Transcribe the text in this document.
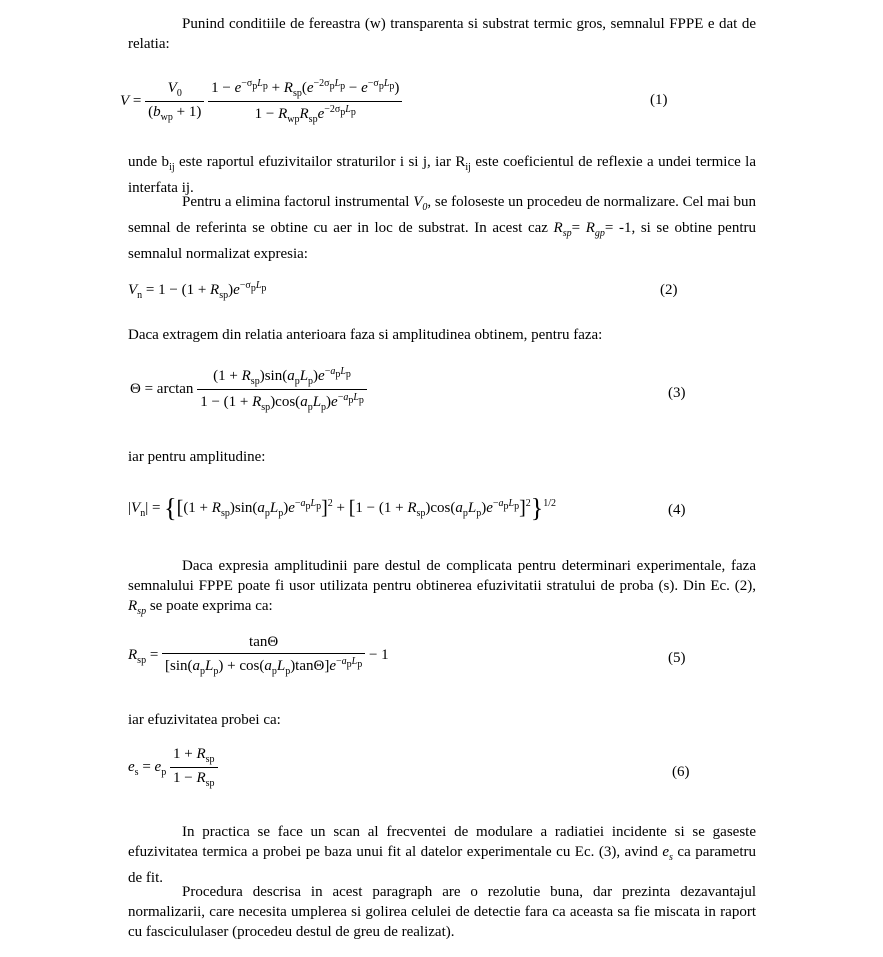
Punind conditiile de fereastra (w) transparenta si substrat termic gros, semnalul FPPE e dat de relatia:
$V = \frac{V_0}{(b_{wp} + 1)}$
$\frac{1 - e^{-\sigma_pL_p} + R_{sp}(e^{-2\sigma_pL_p} - e^{-\sigma_pL_p})}{1 - R_{wp}R_{sp}e^{-2\sigma_pL_p}}$	(1)
unde $b_{ij}$ este raportul efuzivitailor straturilor i si j, iar $R_{ij}$ este coeficientul de reflexie a undei termice la interfata ij.
Pentru a elimina factorul instrumental $V_0$, se foloseste un procedeu de normalizare. Cel mai bun semnal de referinta se obtine cu aer in loc de substrat. In acest caz $R_{sp}= R_{gp}= -1$, si se obtine pentru semnalul normalizat expresia:
$V_n = 1 - (1 + R_{sp})e^{-\sigma_pL_p}$	(2)
Daca extragem din relatia anterioara faza si amplitudinea obtinem, pentru faza:
$\Theta = \arctan \frac{(1 + R_{sp})\sin(a_pL_p)e^{-a_pL_p}}{1 - (1 + R_{sp})\cos(a_pL_p)e^{-a_pL_p}}$	(3)
iar pentru amplitudine:
$|V_n| = \{[(1 + R_{sp})\sin(a_pL_p)e^{-a_pL_p}]^2 + [1 - (1 + R_{sp})\cos(a_pL_p)e^{-a_pL_p}]^2\}^{1/2}$	(4)
Daca expresia amplitudinii pare destul de complicata pentru determinari experimentale, faza semnalului FPPE poate fi usor utilizata pentru obtinerea efuzivitatii stratului de proba (s). Din Ec. (2), $R_{sp}$ se poate exprima ca:
$R_{sp} = \frac{\tan\Theta}{[\sin(a_pL_p) + \cos(a_pL_p)\tan\Theta]e^{-a_pL_p}} - 1$	(5)
iar efuzivitatea probei ca:
$e_s = e_p \frac{1 + R_{sp}}{1 - R_{sp}}$	(6)
In practica se face un scan al frecventei de modulare a radiatiei incidente si se gaseste efuzivitatea termica a probei pe baza unui fit al datelor experimentale cu Ec. (3), avind $e_s$ ca parametru de fit.
Procedura descrisa in acest paragraph are o rezolutie buna, dar prezinta dezavantajul normalizarii, care necesita umplerea si golirea celulei de detectie fara ca aceasta sa fie miscata in raport cu fascicululaser (procedeu destul de greu de realizat).
